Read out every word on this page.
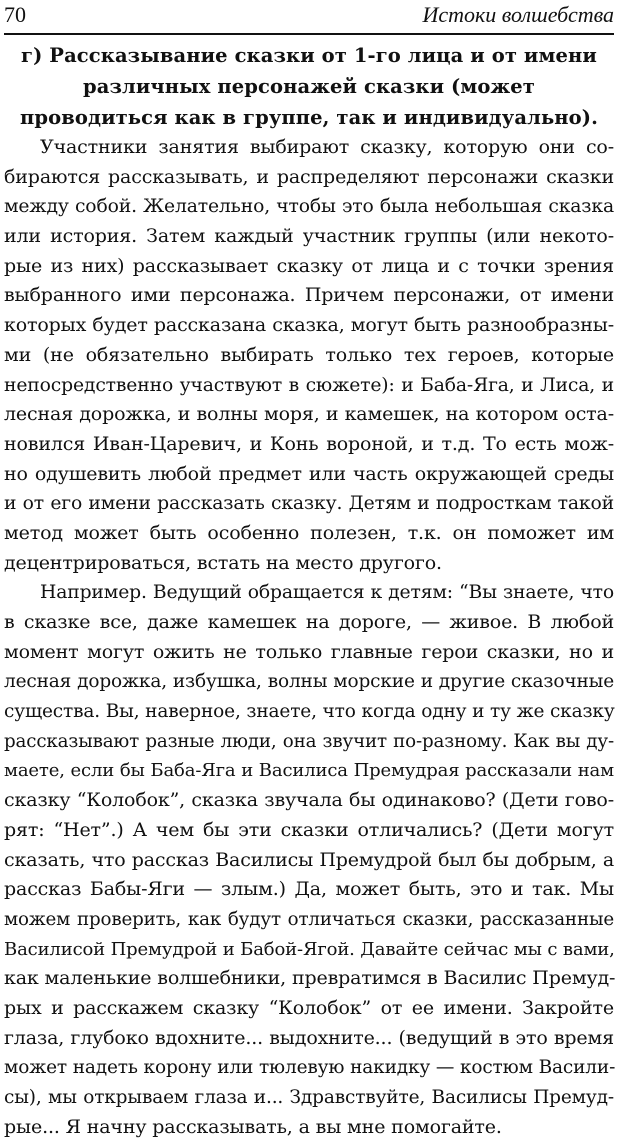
70	Истоки волшебства
г) Рассказывание сказки от 1-го лица и от имени
различных персонажей сказки (может
проводиться как в группе, так и индивидуально).
Участники занятия выбирают сказку, которую они со-
бираются рассказывать, и распределяют персонажи сказки
между собой. Желательно, чтобы это была небольшая сказка
или история. Затем каждый участник группы (или некото-
рые из них) рассказывает сказку от лица и с точки зрения
выбранного ими персонажа. Причем персонажи, от имени
которых будет рассказана сказка, могут быть разнообразны-
ми (не обязательно выбирать только тех героев, которые
непосредственно участвуют в сюжете): и Баба-Яга, и Лиса, и
лесная дорожка, и волны моря, и камешек, на котором оста-
новился Иван-Царевич, и Конь вороной, и т.д. То есть мож-
но одушевить любой предмет или часть окружающей среды
и от его имени рассказать сказку. Детям и подросткам такой
метод может быть особенно полезен, т.к. он поможет им
децентрироваться, встать на место другого.
Например. Ведущий обращается к детям: “Вы знаете, что
в сказке все, даже камешек на дороге, — живое. В любой
момент могут ожить не только главные герои сказки, но и
лесная дорожка, избушка, волны морские и другие сказочные
существа. Вы, наверное, знаете, что когда одну и ту же сказку
рассказывают разные люди, она звучит по-разному. Как вы ду-
маете, если бы Баба-Яга и Василиса Премудрая рассказали нам
сказку “Колобок”, сказка звучала бы одинаково? (Дети гово-
рят: “Нет”.) А чем бы эти сказки отличались? (Дети могут
сказать, что рассказ Василисы Премудрой был бы добрым, а
рассказ Бабы-Яги — злым.) Да, может быть, это и так. Мы
можем проверить, как будут отличаться сказки, рассказанные
Василисой Премудрой и Бабой-Ягой. Давайте сейчас мы с вами,
как маленькие волшебники, превратимся в Василис Премуд-
рых и расскажем сказку “Колобок” от ее имени. Закройте
глаза, глубоко вдохните... выдохните... (ведущий в это время
может надеть корону или тюлевую накидку — костюм Васили-
сы), мы открываем глаза и... Здравствуйте, Василисы Премуд-
рые... Я начну рассказывать, а вы мне помогайте.
